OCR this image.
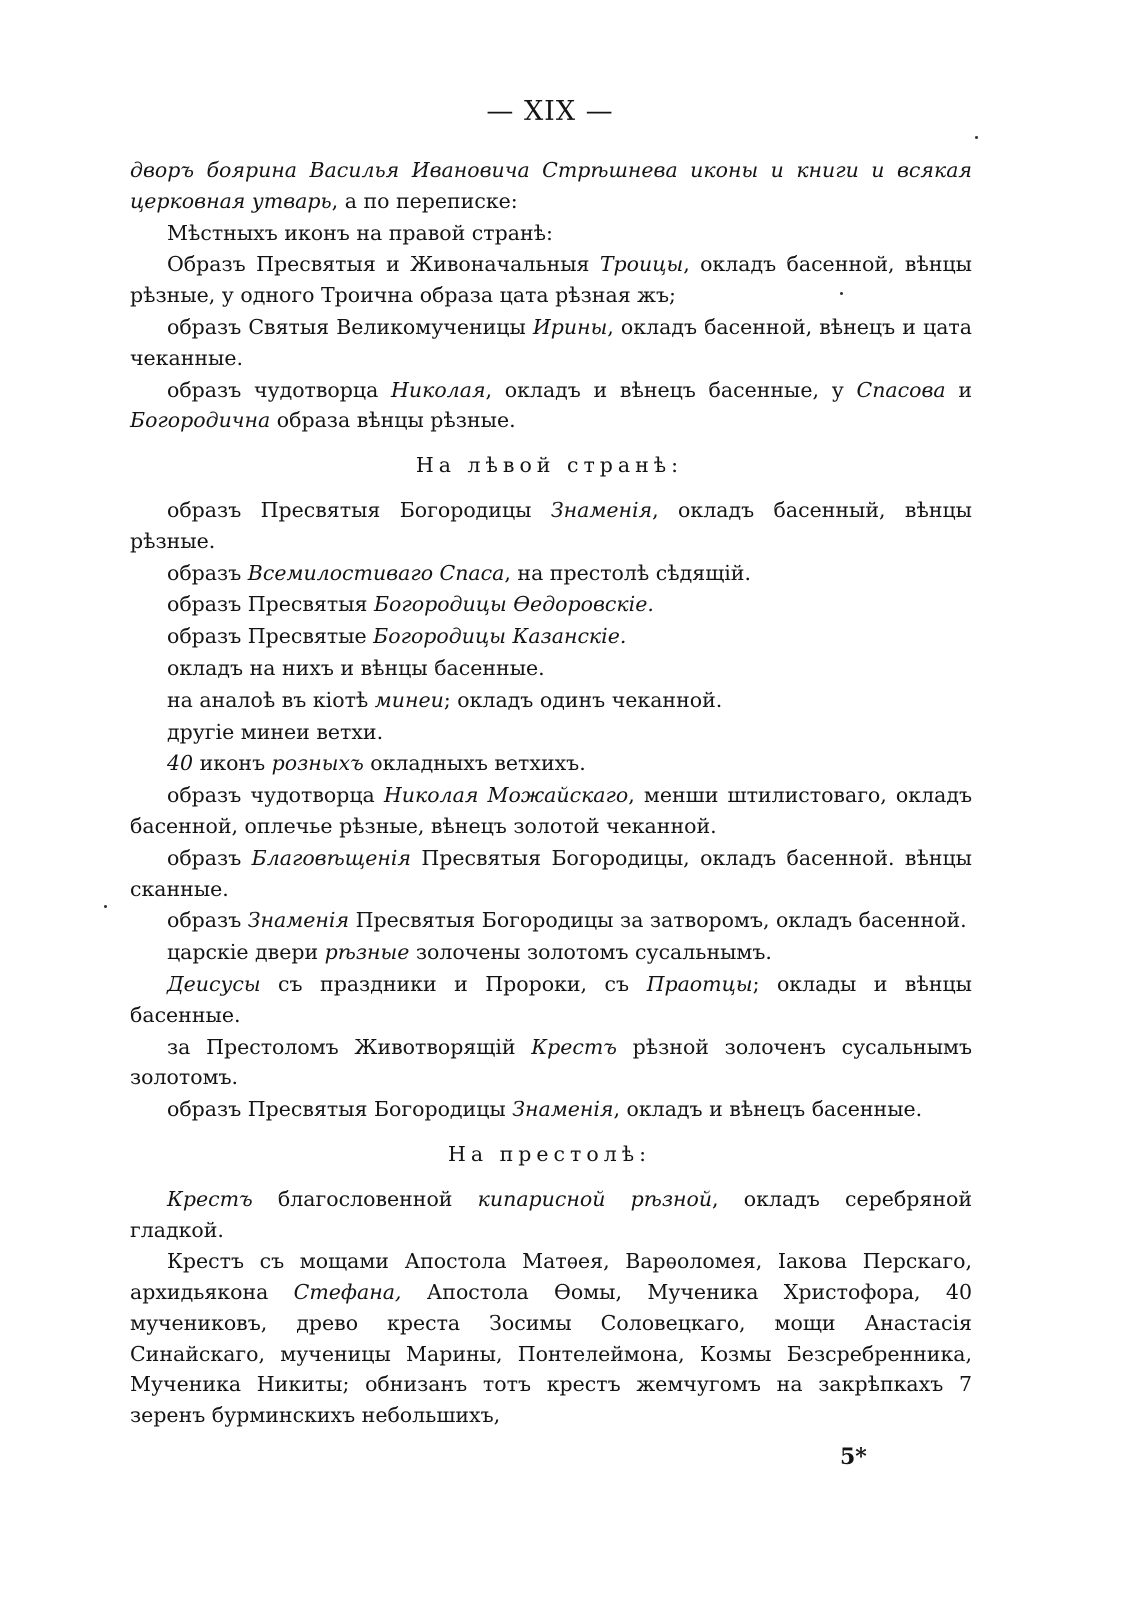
— XIX —

дворъ боярина Василья Ивановича Стрѣшнева иконы и книги и всякая церковная утварь, а по переписке:

Мѣстныхъ иконъ на правой странѣ:

Образъ Пресвятыя и Живоначальныя Троицы, окладъ басенной, вѣнцы рѣзные, у одного Троична образа цата рѣзная жъ;

образъ Святыя Великомученицы Ирины, окладъ басенной, вѣнецъ и цата чеканные.

образъ чудотворца Николая, окладъ и вѣнецъ басенные, у Спасова и Богородична образа вѣнцы рѣзные.

На лѣвой странѣ:

образъ Пресвятыя Богородицы Знаменія, окладъ басенный, вѣнцы рѣзные.

образъ Всемилостиваго Спаса, на престолѣ сѣдящій.

образъ Пресвятыя Богородицы Ѳедоровскіе.

образъ Пресвятые Богородицы Казанскіе.

окладъ на нихъ и вѣнцы басенные.

на аналоѣ въ кіотѣ минеи; окладъ одинъ чеканной.

другіе минеи ветхи.

40 иконъ розныхъ окладныхъ ветхихъ.

образъ чудотворца Николая Можайскаго, менши штилистоваго, окладъ басенной, оплечье рѣзные, вѣнецъ золотой чеканной.

образъ Благовѣщенія Пресвятыя Богородицы, окладъ басенной. вѣнцы сканные.

образъ Знаменія Пресвятыя Богородицы за затворомъ, окладъ басенной.

царскіе двери рѣзные золочены золотомъ сусальнымъ.

Деисусы съ праздники и Пророки, съ Праотцы; оклады и вѣнцы басенные.

за Престоломъ Животворящій Крестъ рѣзной золоченъ сусальнымъ золотомъ.

образъ Пресвятыя Богородицы Знаменія, окладъ и вѣнецъ басенные.

На престолѣ:

Крестъ благословенной кипарисной рѣзной, окладъ серебряной гладкой.

Крестъ съ мощами Апостола Матѳея, Варѳоломея, Іакова Перскаго, архидьякона Стефана, Апостола Ѳомы, Мученика Христофора, 40 мучениковъ, древо креста Зосимы Соловецкаго, мощи Анастасія Синайскаго, мученицы Марины, Понтелеймона, Козмы Безсребренника, Мученика Никиты; обнизанъ тотъ крестъ жемчугомъ на закрѣпкахъ 7 зеренъ бурминскихъ небольшихъ,

5*
